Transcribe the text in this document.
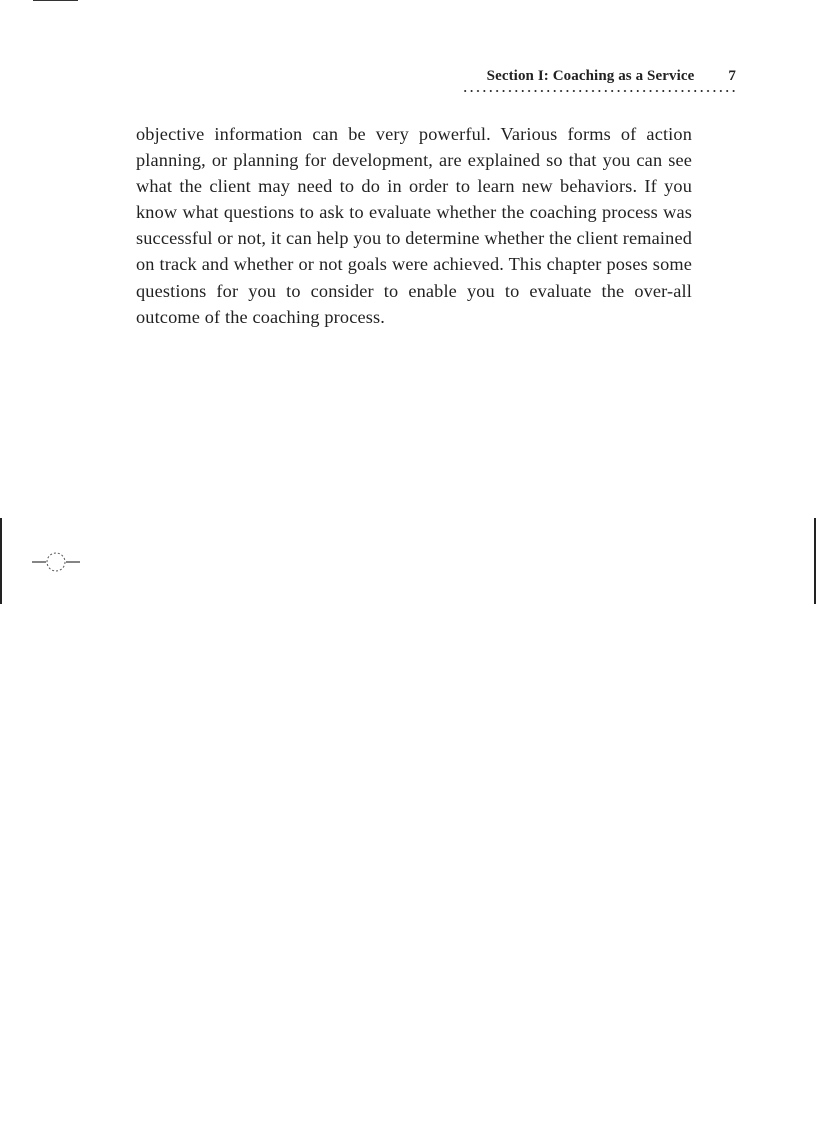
Section I: Coaching as a Service 7

objective information can be very powerful. Various forms of action planning, or planning for development, are explained so that you can see what the client may need to do in order to learn new behaviors. If you know what questions to ask to evaluate whether the coaching process was successful or not, it can help you to determine whether the client remained on track and whether or not goals were achieved. This chapter poses some questions for you to consider to enable you to evaluate the over-all outcome of the coaching process.
